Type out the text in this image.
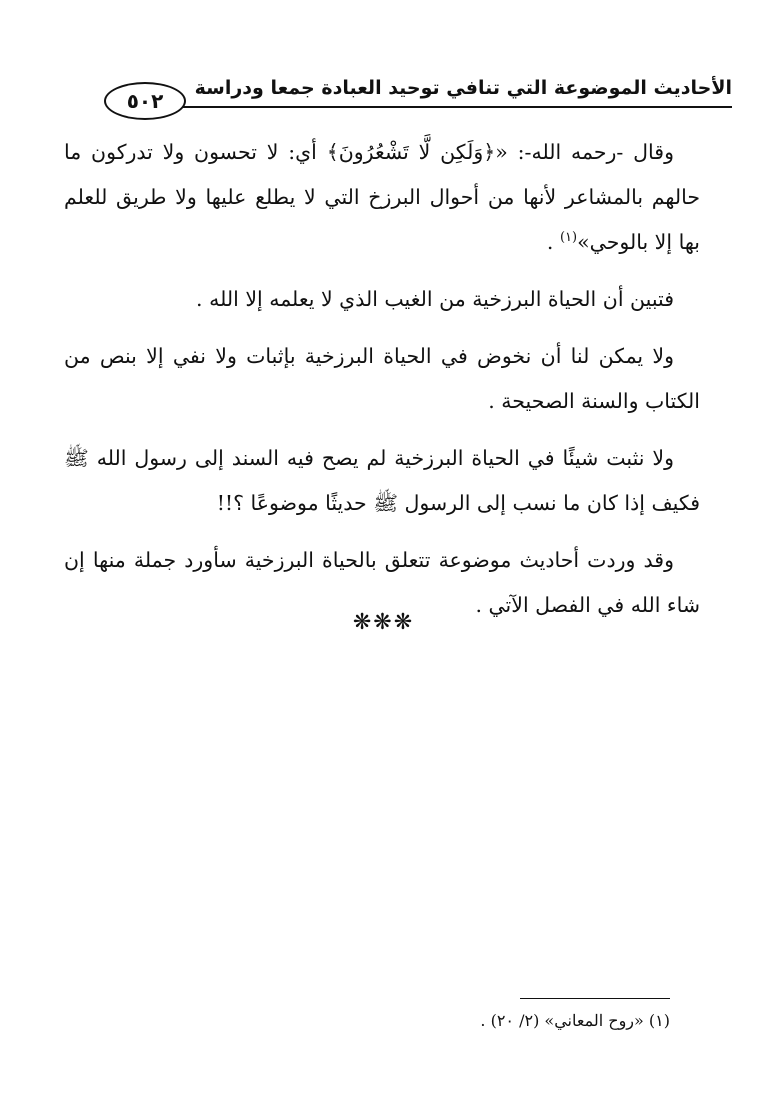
الأحاديث الموضوعة التي تنافي توحيد العبادة جمعا ودراسة
٥٠٢

وقال -رحمه الله-: «﴿وَلَكِن لَّا تَشْعُرُونَ﴾ أي: لا تحسون ولا تدركون ما حالهم بالمشاعر لأنها من أحوال البرزخ التي لا يطلع عليها ولا طريق للعلم بها إلا بالوحي»$^{(١)}$ .

فتبين أن الحياة البرزخية من الغيب الذي لا يعلمه إلا الله .

ولا يمكن لنا أن نخوض في الحياة البرزخية بإثبات ولا نفي إلا بنص من الكتاب والسنة الصحيحة .

ولا نثبت شيئًا في الحياة البرزخية لم يصح فيه السند إلى رسول الله ﷺ فكيف إذا كان ما نسب إلى الرسول ﷺ حديثًا موضوعًا ؟!!

وقد وردت أحاديث موضوعة تتعلق بالحياة البرزخية سأورد جملة منها إن شاء الله في الفصل الآتي .

❋❋❋
(١) «روح المعاني» (٢/ ٢٠) .
